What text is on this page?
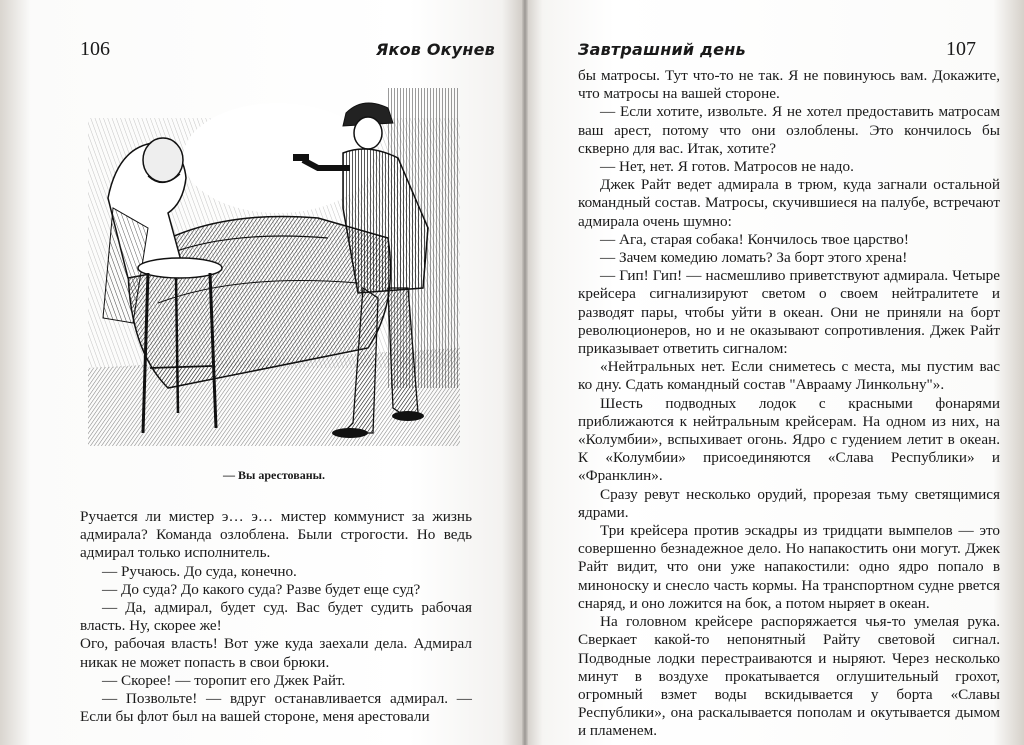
106	Яков Окунев
— Вы арестованы.

Ручается ли мистер э… э… мистер коммунист за жизнь адмирала? Команда озлоблена. Были строгости. Но ведь адмирал только исполнитель.

— Ручаюсь. До суда, конечно.

— До суда? До какого суда? Разве будет еще суд?

— Да, адмирал, будет суд. Вас будет судить рабочая власть. Ну, скорее же!

Ого, рабочая власть! Вот уже куда заехали дела. Адмирал никак не может попасть в свои брюки.

— Скорее! — торопит его Джек Райт.

— Позвольте! — вдруг останавливается адмирал. — Если бы флот был на вашей стороне, меня арестовали

Завтрашний день	107

бы матросы. Тут что-то не так. Я не повинуюсь вам. Докажите, что матросы на вашей стороне.

— Если хотите, извольте. Я не хотел предоставить матросам ваш арест, потому что они озлоблены. Это кончилось бы скверно для вас. Итак, хотите?

— Нет, нет. Я готов. Матросов не надо.

Джек Райт ведет адмирала в трюм, куда загнали остальной командный состав. Матросы, скучившиеся на палубе, встречают адмирала очень шумно:

— Ага, старая собака! Кончилось твое царство!

— Зачем комедию ломать? За борт этого хрена!

— Гип! Гип! — насмешливо приветствуют адмирала. Четыре крейсера сигнализируют светом о своем нейтралитете и разводят пары, чтобы уйти в океан. Они не приняли на борт революционеров, но и не оказывают сопротивления. Джек Райт приказывает ответить сигналом:

«Нейтральных нет. Если сниметесь с места, мы пустим вас ко дну. Сдать командный состав "Аврааму Линкольну"».

Шесть подводных лодок с красными фонарями приближаются к нейтральным крейсерам. На одном из них, на «Колумбии», вспыхивает огонь. Ядро с гудением летит в океан. К «Колумбии» присоединяются «Слава Республики» и «Франклин».

Сразу ревут несколько орудий, прорезая тьму светящимися ядрами.

Три крейсера против эскадры из тридцати вымпелов — это совершенно безнадежное дело. Но напакостить они могут. Джек Райт видит, что они уже напакостили: одно ядро попало в миноноску и снесло часть кормы. На транспортном судне рвется снаряд, и оно ложится на бок, а потом ныряет в океан.

На головном крейсере распоряжается чья-то умелая рука. Сверкает какой-то непонятный Райту световой сигнал. Подводные лодки перестраиваются и ныряют. Через несколько минут в воздухе прокатывается оглушительный грохот, огромный взмет воды вскидывается у борта «Славы Республики», она раскалывается пополам и окутывается дымом и пламенем.
